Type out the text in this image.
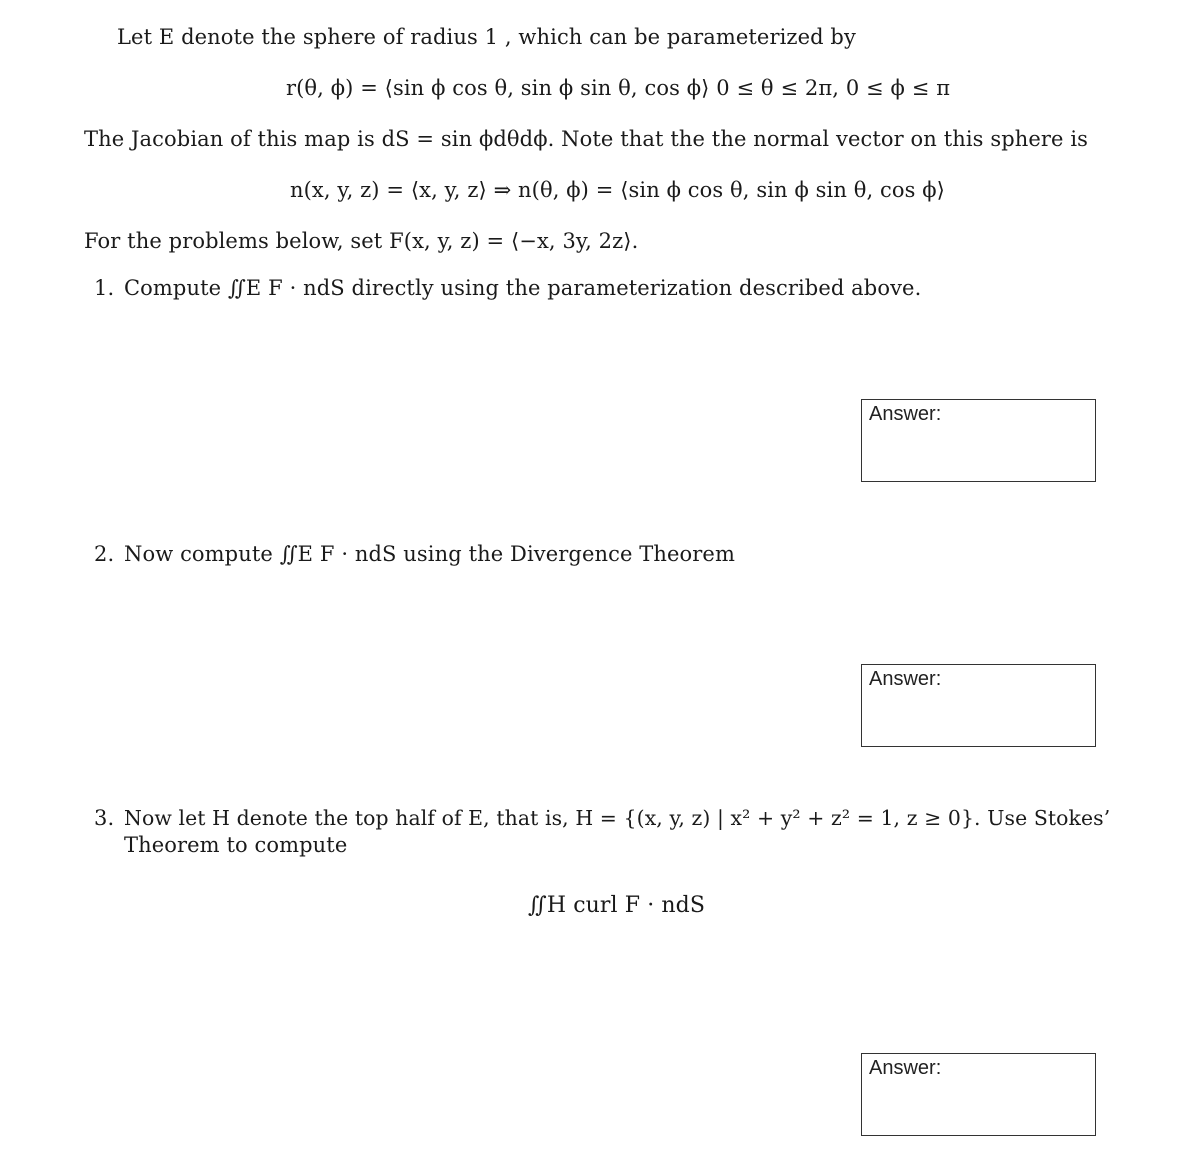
Let E denote the sphere of radius 1 , which can be parameterized by
r(θ, ϕ) = ⟨sin ϕ cos θ, sin ϕ sin θ, cos ϕ⟩ 0 ≤ θ ≤ 2π, 0 ≤ ϕ ≤ π
The Jacobian of this map is dS = sin ϕdθdϕ. Note that the the normal vector on this sphere is
n(x, y, z) = ⟨x, y, z⟩ ⇒ n(θ, ϕ) = ⟨sin ϕ cos θ, sin ϕ sin θ, cos ϕ⟩
For the problems below, set F(x, y, z) = ⟨−x, 3y, 2z⟩.
1. Compute ∬E F · ndS directly using the parameterization described above.
Answer:
2. Now compute ∬E F · ndS using the Divergence Theorem
Answer:
3. Now let H denote the top half of E, that is, H = {(x, y, z) | x² + y² + z² = 1, z ≥ 0}. Use Stokes’
Theorem to compute
∬H curl F · ndS
Answer:
